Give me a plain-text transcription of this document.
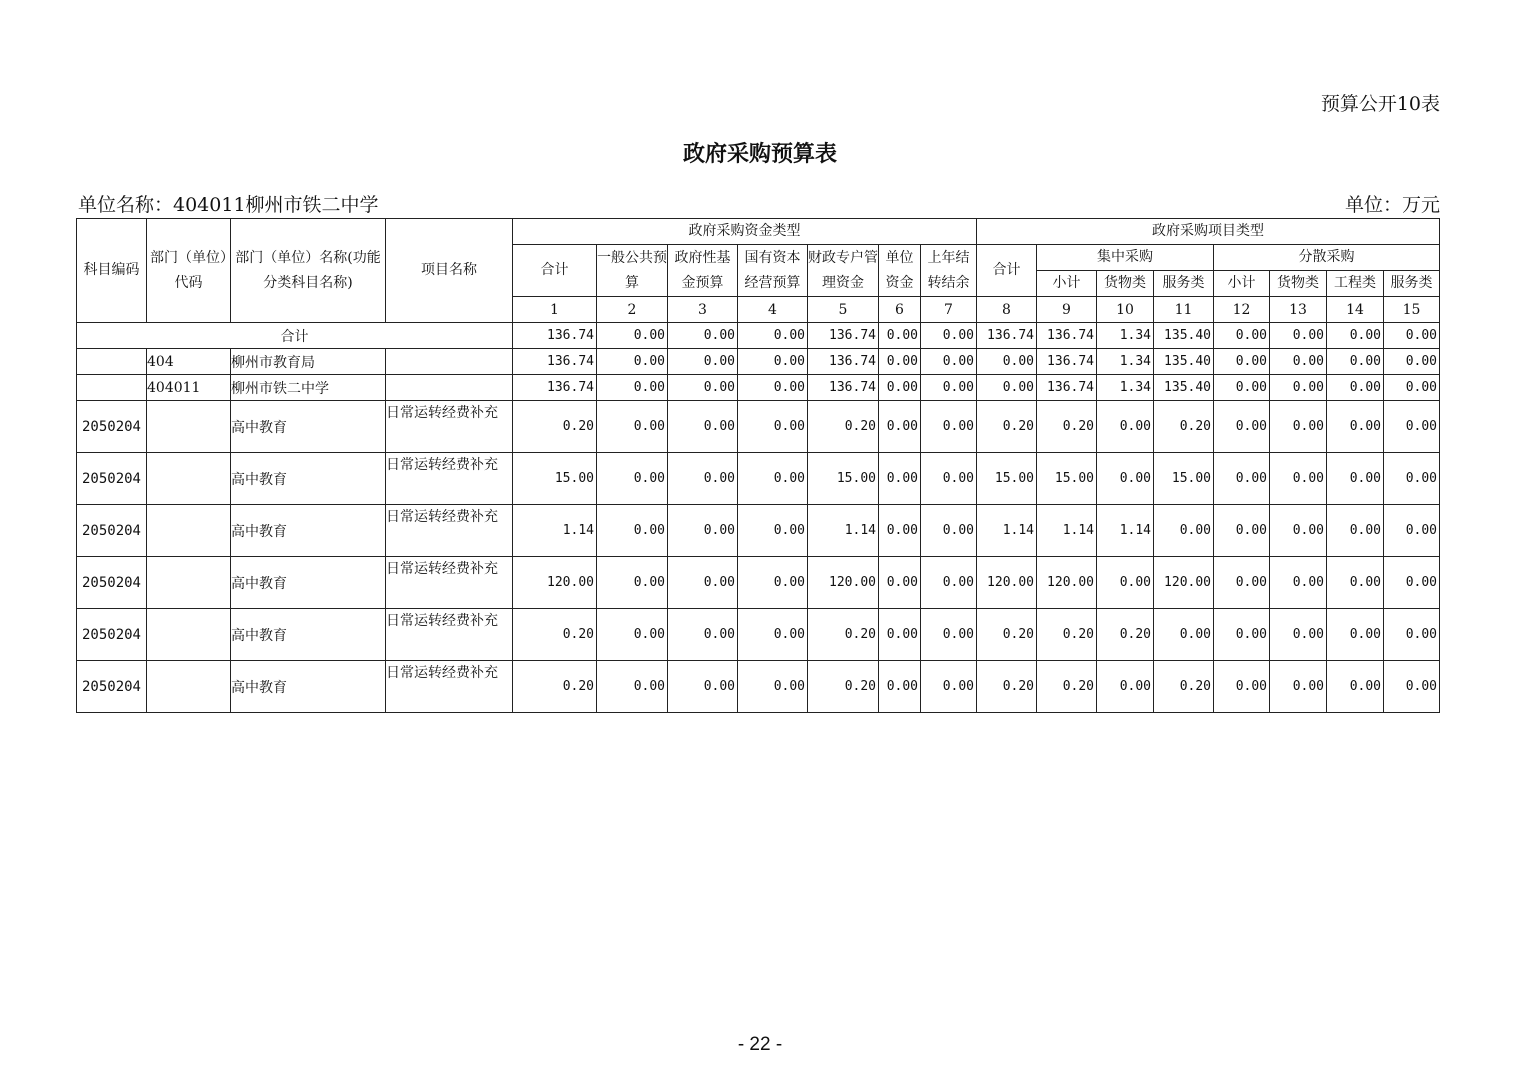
预算公开10表
政府采购预算表
单位名称：404011柳州市铁二中学	单位：万元
科目编码	部门（单位）代码	部门（单位）名称(功能分类科目名称)	项目名称	政府采购资金类型							政府采购项目类型							
				合计	一般公共预算	政府性基金预算	国有资本经营预算	财政专户管理资金	单位资金	上年结转结余	合计	集中采购			分散采购			
												小计	货物类	服务类	小计	货物类	工程类	服务类
				1	2	3	4	5	6	7	8	9	10	11	12	13	14	15
合计				136.74	0.00	0.00	0.00	136.74	0.00	0.00	136.74	136.74	1.34	135.40	0.00	0.00	0.00	0.00
	404	柳州市教育局		136.74	0.00	0.00	0.00	136.74	0.00	0.00	0.00	136.74	1.34	135.40	0.00	0.00	0.00	0.00
	404011	柳州市铁二中学		136.74	0.00	0.00	0.00	136.74	0.00	0.00	0.00	136.74	1.34	135.40	0.00	0.00	0.00	0.00
2050204		高中教育	日常运转经费补充	0.20	0.00	0.00	0.00	0.20	0.00	0.00	0.20	0.20	0.00	0.20	0.00	0.00	0.00	0.00
2050204		高中教育	日常运转经费补充	15.00	0.00	0.00	0.00	15.00	0.00	0.00	15.00	15.00	0.00	15.00	0.00	0.00	0.00	0.00
2050204		高中教育	日常运转经费补充	1.14	0.00	0.00	0.00	1.14	0.00	0.00	1.14	1.14	1.14	0.00	0.00	0.00	0.00	0.00
2050204		高中教育	日常运转经费补充	120.00	0.00	0.00	0.00	120.00	0.00	0.00	120.00	120.00	0.00	120.00	0.00	0.00	0.00	0.00
2050204		高中教育	日常运转经费补充	0.20	0.00	0.00	0.00	0.20	0.00	0.00	0.20	0.20	0.20	0.00	0.00	0.00	0.00	0.00
2050204		高中教育	日常运转经费补充	0.20	0.00	0.00	0.00	0.20	0.00	0.00	0.20	0.20	0.00	0.20	0.00	0.00	0.00	0.00
- 22 -
